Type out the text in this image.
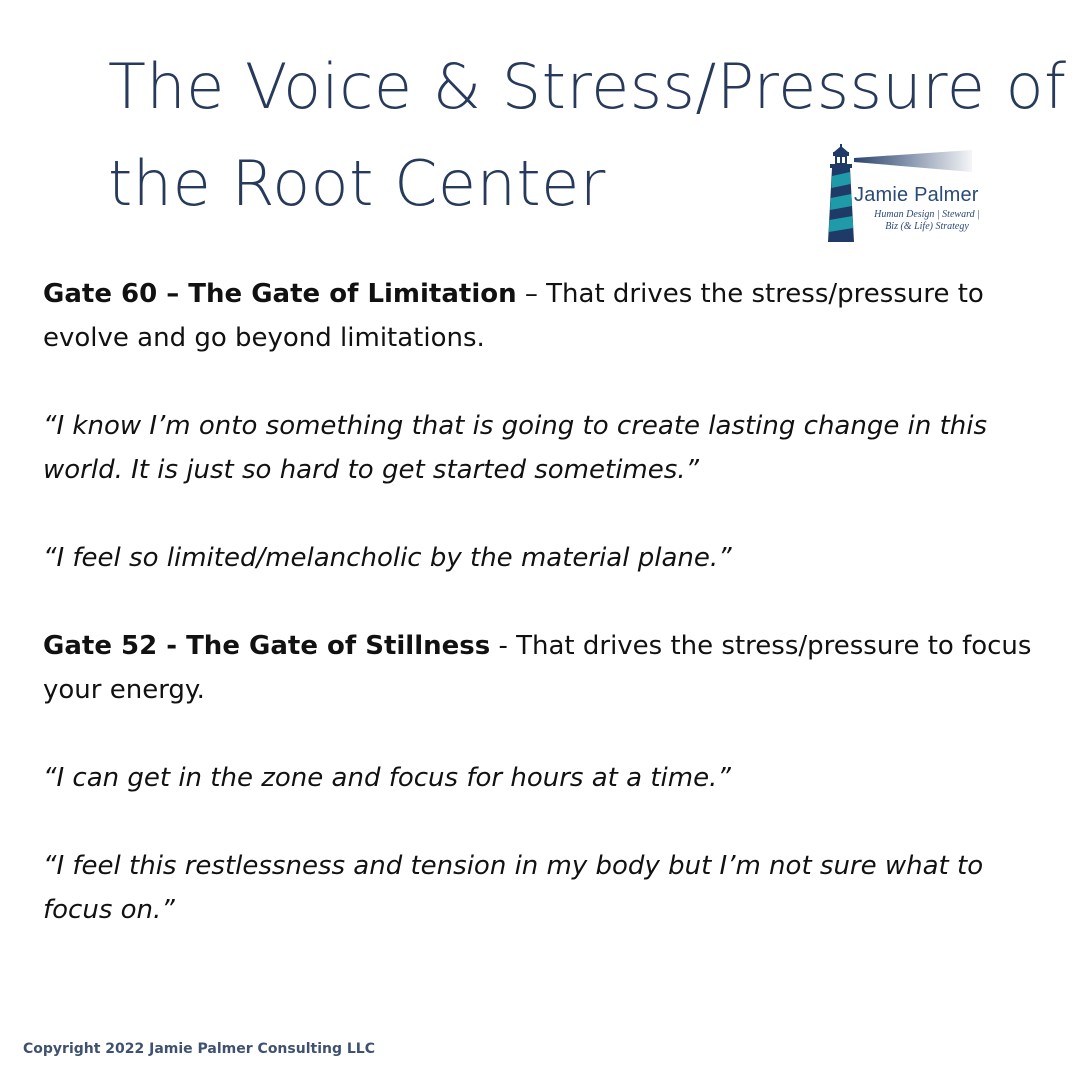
The Voice & Stress/Pressure of
the Root Center	Jamie Palmer
Human Design | Steward |
Biz (& Life) Strategy

Gate 60 – The Gate of Limitation – That drives the stress/pressure to evolve and go beyond limitations.

“I know I’m onto something that is going to create lasting change in this world. It is just so hard to get started sometimes.”

“I feel so limited/melancholic by the material plane.”

Gate 52 - The Gate of Stillness - That drives the stress/pressure to focus your energy.

“I can get in the zone and focus for hours at a time.”

“I feel this restlessness and tension in my body but I’m not sure what to focus on.”

Copyright 2022 Jamie Palmer Consulting LLC
